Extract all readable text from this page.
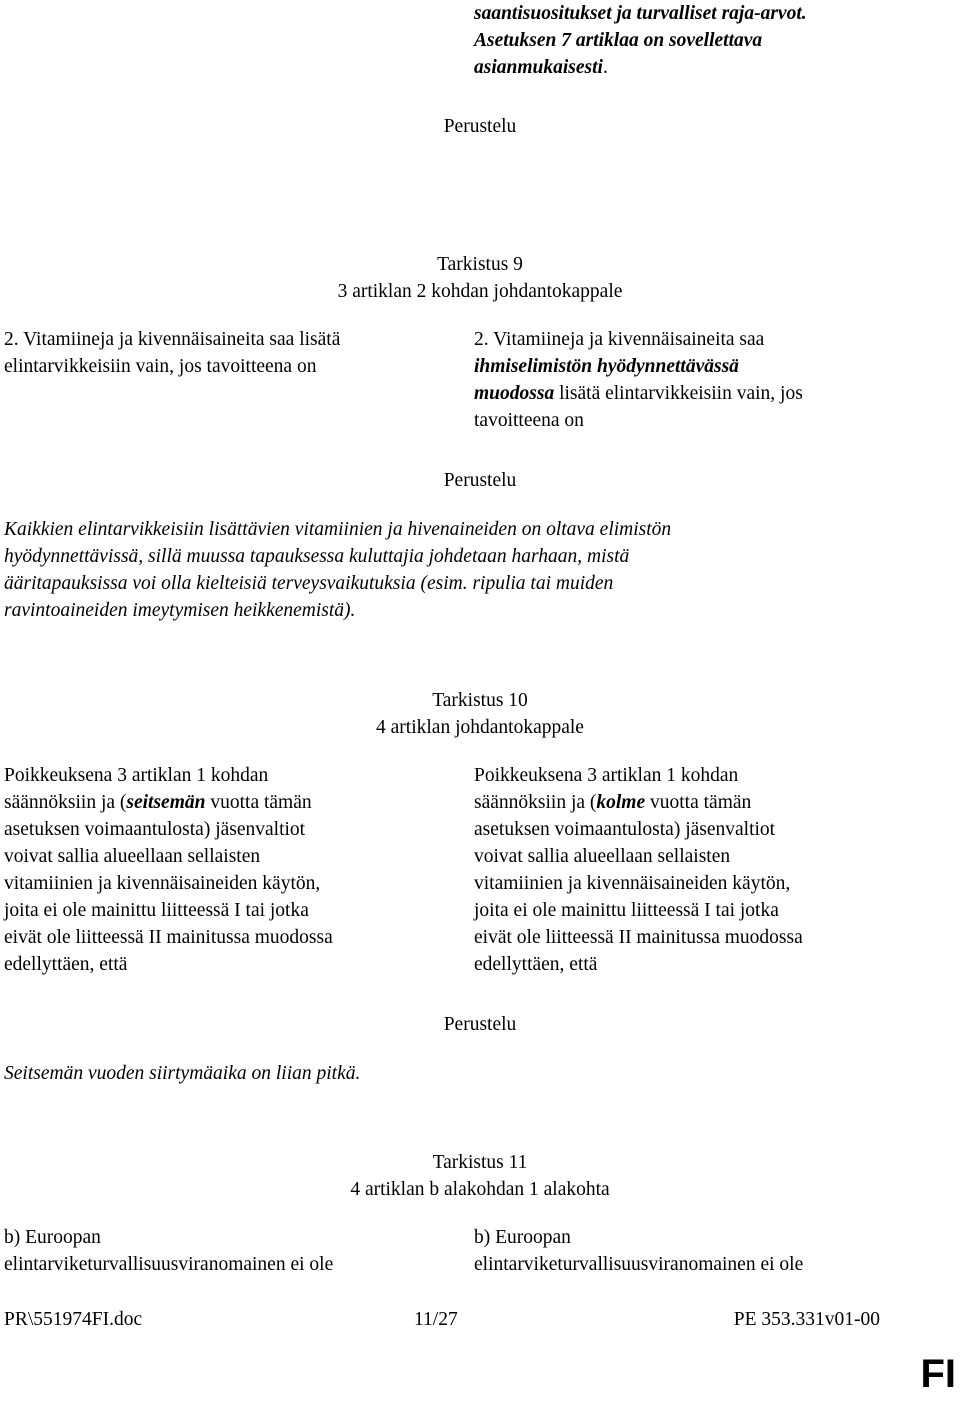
saantisuositukset ja turvalliset raja-arvot.
Asetuksen 7 artiklaa on sovellettava
asianmukaisesti.
Perustelu
Tarkistus 9
3 artiklan 2 kohdan johdantokappale
2. Vitamiineja ja kivennäisaineita saa lisätä
elintarvikkeisiin vain, jos tavoitteena on
2. Vitamiineja ja kivennäisaineita saa
ihmiselimistön hyödynnettävässä
muodossa lisätä elintarvikkeisiin vain, jos
tavoitteena on
Perustelu
Kaikkien elintarvikkeisiin lisättävien vitamiinien ja hivenaineiden on oltava elimistön
hyödynnettävissä, sillä muussa tapauksessa kuluttajia johdetaan harhaan, mistä
ääritapauksissa voi olla kielteisiä terveysvaikutuksia (esim. ripulia tai muiden
ravintoaineiden imeytymisen heikkenemistä).
Tarkistus 10
4 artiklan johdantokappale
Poikkeuksena 3 artiklan 1 kohdan
säännöksiin ja (seitsemän vuotta tämän
asetuksen voimaantulosta) jäsenvaltiot
voivat sallia alueellaan sellaisten
vitamiinien ja kivennäisaineiden käytön,
joita ei ole mainittu liitteessä I tai jotka
eivät ole liitteessä II mainitussa muodossa
edellyttäen, että
Poikkeuksena 3 artiklan 1 kohdan
säännöksiin ja (kolme vuotta tämän
asetuksen voimaantulosta) jäsenvaltiot
voivat sallia alueellaan sellaisten
vitamiinien ja kivennäisaineiden käytön,
joita ei ole mainittu liitteessä I tai jotka
eivät ole liitteessä II mainitussa muodossa
edellyttäen, että
Perustelu
Seitsemän vuoden siirtymäaika on liian pitkä.
Tarkistus 11
4 artiklan b alakohdan 1 alakohta
b) Euroopan
elintarviketurvallisuusviranomainen ei ole
b) Euroopan
elintarviketurvallisuusviranomainen ei ole
PR\551974FI.doc	11/27	PE 353.331v01-00
FI
